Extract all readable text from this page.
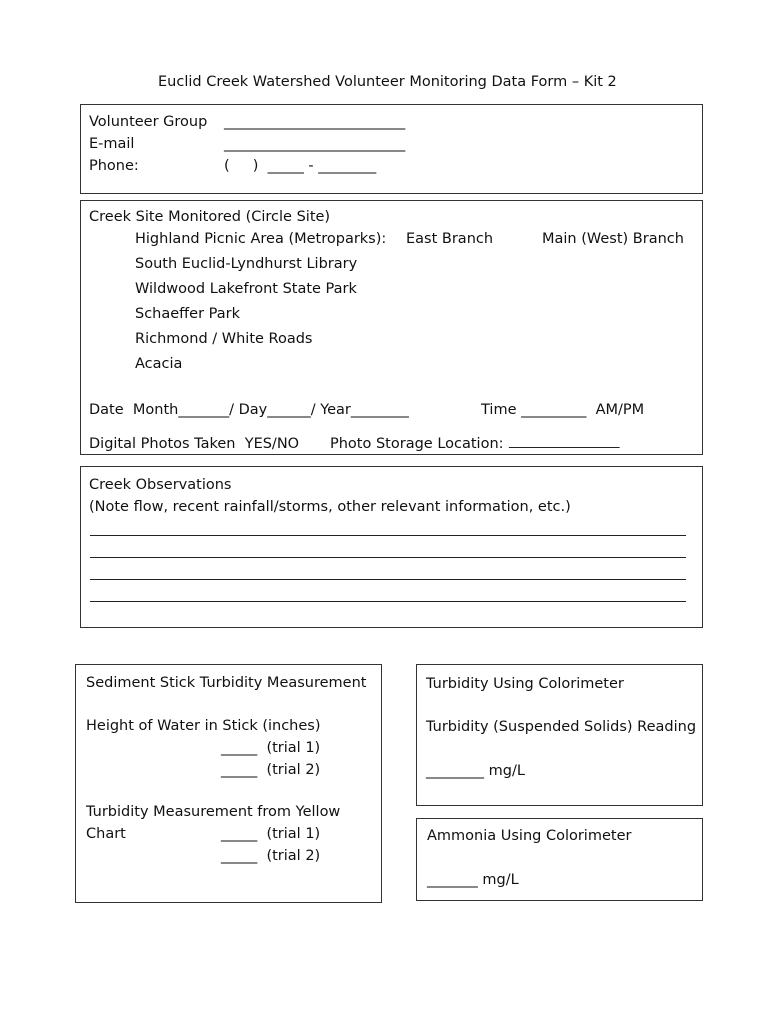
Euclid Creek Watershed Volunteer Monitoring Data Form – Kit 2
Volunteer Group _________________________
E-mail	_________________________
Phone:	(     )  _____ - ________
Creek Site Monitored (Circle Site)
Highland Picnic Area (Metroparks): East Branch	Main (West) Branch
South Euclid-Lyndhurst Library
Wildwood Lakefront State Park
Schaeffer Park
Richmond / White Roads
Acacia
Date  Month_______/ Day______/ Year________	Time _________  AM/PM
Digital Photos Taken  YES/NO Photo Storage Location: _________________
Creek Observations
(Note flow, recent rainfall/storms, other relevant information, etc.)
Sediment Stick Turbidity Measurement
Height of Water in Stick (inches)
_____  (trial 1)
_____  (trial 2)
Turbidity Measurement from Yellow
Chart	_____  (trial 1)
_____  (trial 2)
Turbidity Using Colorimeter
Turbidity (Suspended Solids) Reading
________ mg/L
Ammonia Using Colorimeter
_______ mg/L
